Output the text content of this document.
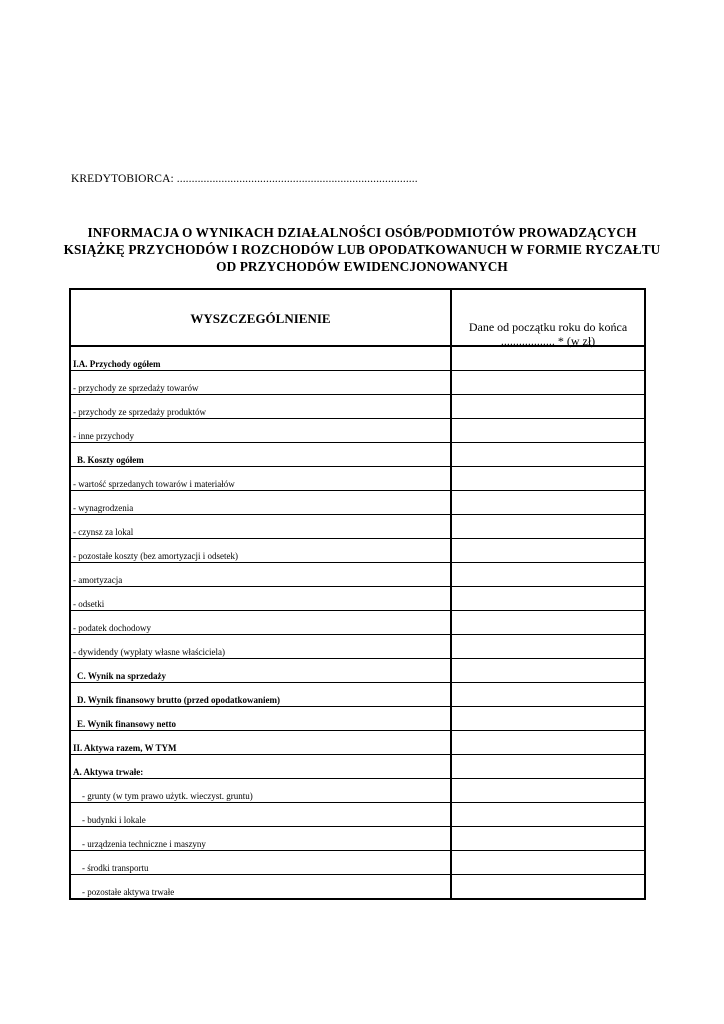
KREDYTOBIORCA: .................................................................................
INFORMACJA O WYNIKACH DZIAŁALNOŚCI OSÓB/PODMIOTÓW PROWADZĄCYCH
KSIĄŻKĘ PRZYCHODÓW I ROZCHODÓW LUB OPODATKOWANUCH W FORMIE RYCZAŁTU
OD PRZYCHODÓW EWIDENCJONOWANYCH
WYSZCZEGÓLNIENIE	Dane od początku roku do końca
.................. * (w zł)

I.A. Przychody ogółem	
- przychody ze sprzedaży towarów	
- przychody ze sprzedaży produktów	
- inne przychody	
B. Koszty ogółem	
- wartość sprzedanych towarów i materiałów	
- wynagrodzenia	
- czynsz za lokal	
- pozostałe koszty (bez amortyzacji i odsetek)	
- amortyzacja	
- odsetki	
- podatek dochodowy	
- dywidendy (wypłaty własne właściciela)	
C. Wynik na sprzedaży	
D. Wynik finansowy brutto (przed opodatkowaniem)	
E. Wynik finansowy netto	
II. Aktywa razem, W TYM	
A. Aktywa trwałe:	
- grunty (w tym prawo użytk. wieczyst. gruntu)	
- budynki i lokale	
- urządzenia techniczne i maszyny	
- środki transportu	
- pozostałe aktywa trwałe	
